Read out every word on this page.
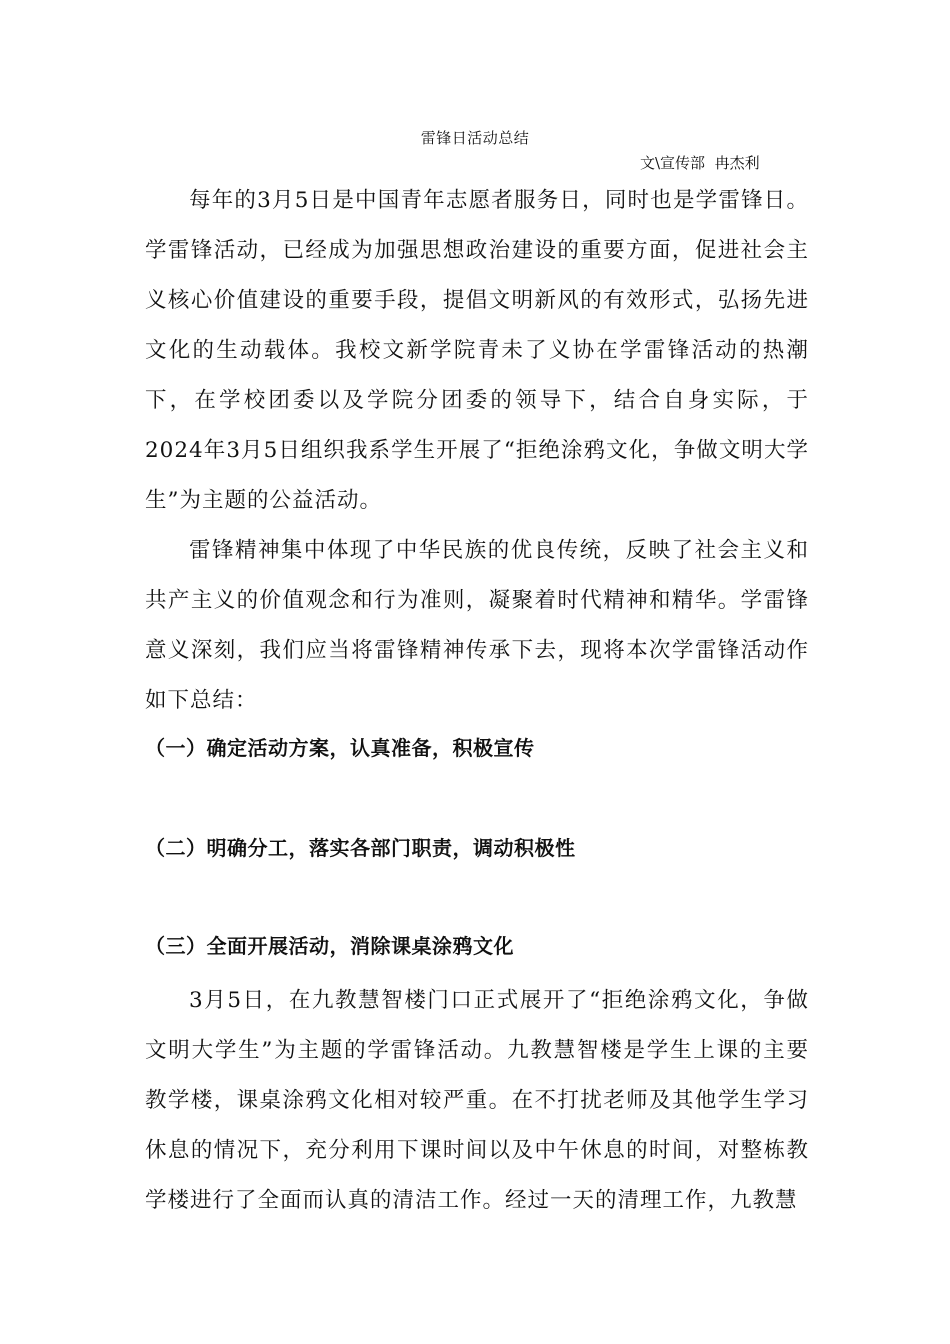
雷锋日活动总结
文\宣传部  冉杰利

每年的3月5日是中国青年志愿者服务日，同时也是学雷锋日。学雷锋活动，已经成为加强思想政治建设的重要方面，促进社会主义核心价值建设的重要手段，提倡文明新风的有效形式，弘扬先进文化的生动载体。我校文新学院青未了义协在学雷锋活动的热潮下，在学校团委以及学院分团委的领导下，结合自身实际，于2024年3月5日组织我系学生开展了“拒绝涂鸦文化，争做文明大学生”为主题的公益活动。

雷锋精神集中体现了中华民族的优良传统，反映了社会主义和共产主义的价值观念和行为准则，凝聚着时代精神和精华。学雷锋意义深刻，我们应当将雷锋精神传承下去，现将本次学雷锋活动作如下总结：

（一）确定活动方案，认真准备，积极宣传

（二）明确分工，落实各部门职责，调动积极性

（三）全面开展活动，消除课桌涂鸦文化

3月5日，在九教慧智楼门口正式展开了“拒绝涂鸦文化，争做文明大学生”为主题的学雷锋活动。九教慧智楼是学生上课的主要教学楼，课桌涂鸦文化相对较严重。在不打扰老师及其他学生学习休息的情况下，充分利用下课时间以及中午休息的时间，对整栋教学楼进行了全面而认真的清洁工作。经过一天的清理工作，九教慧
